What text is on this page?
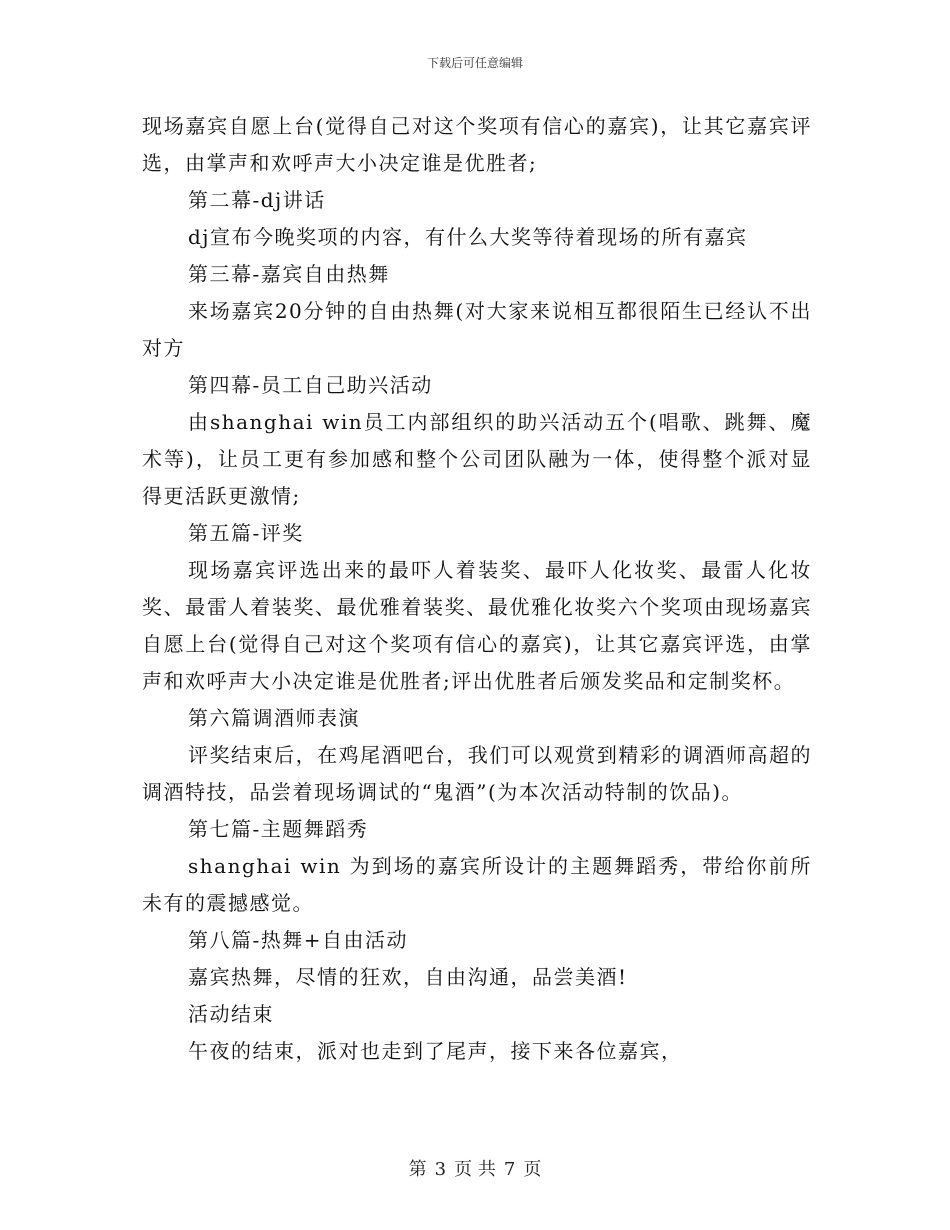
下载后可任意编辑

现场嘉宾自愿上台(觉得自己对这个奖项有信心的嘉宾)，让其它嘉宾评选，由掌声和欢呼声大小决定谁是优胜者;

第二幕-dj讲话

dj宣布今晚奖项的内容，有什么大奖等待着现场的所有嘉宾

第三幕-嘉宾自由热舞

来场嘉宾20分钟的自由热舞(对大家来说相互都很陌生已经认不出对方

第四幕-员工自己助兴活动

由shanghai win员工内部组织的助兴活动五个(唱歌、跳舞、魔术等)，让员工更有参加感和整个公司团队融为一体，使得整个派对显得更活跃更激情;

第五篇-评奖

现场嘉宾评选出来的最吓人着装奖、最吓人化妆奖、最雷人化妆奖、最雷人着装奖、最优雅着装奖、最优雅化妆奖六个奖项由现场嘉宾自愿上台(觉得自己对这个奖项有信心的嘉宾)，让其它嘉宾评选，由掌声和欢呼声大小决定谁是优胜者;评出优胜者后颁发奖品和定制奖杯。

第六篇调酒师表演

评奖结束后，在鸡尾酒吧台，我们可以观赏到精彩的调酒师高超的调酒特技，品尝着现场调试的“鬼酒”(为本次活动特制的饮品)。

第七篇-主题舞蹈秀

shanghai win 为到场的嘉宾所设计的主题舞蹈秀，带给你前所未有的震撼感觉。

第八篇-热舞+自由活动

嘉宾热舞，尽情的狂欢，自由沟通，品尝美酒!

活动结束

午夜的结束，派对也走到了尾声，接下来各位嘉宾，

第 3 页 共 7 页
